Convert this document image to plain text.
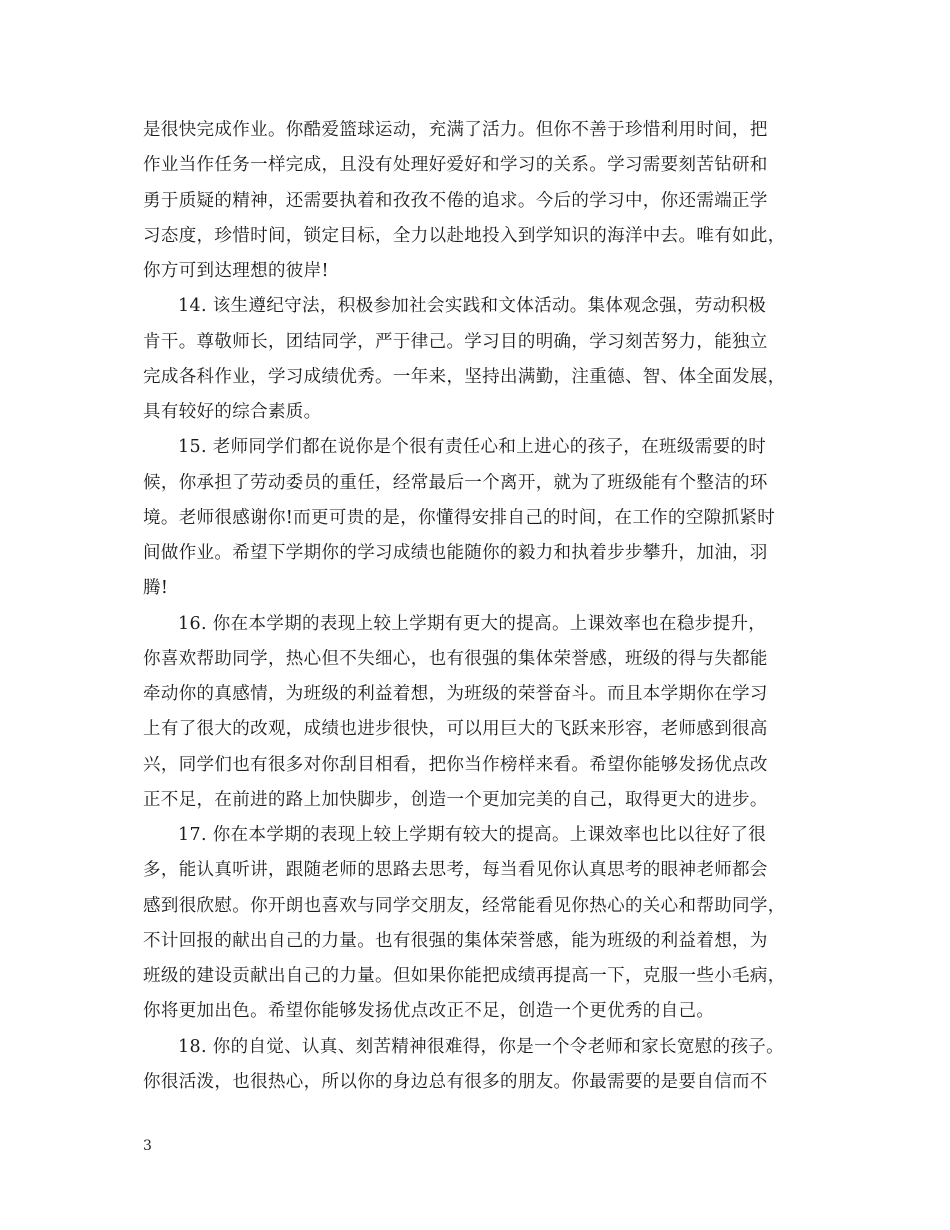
是很快完成作业。你酷爱篮球运动，充满了活力。但你不善于珍惜利用时间，把
作业当作任务一样完成，且没有处理好爱好和学习的关系。学习需要刻苦钻研和
勇于质疑的精神，还需要执着和孜孜不倦的追求。今后的学习中，你还需端正学
习态度，珍惜时间，锁定目标，全力以赴地投入到学知识的海洋中去。唯有如此，
你方可到达理想的彼岸!
14. 该生遵纪守法，积极参加社会实践和文体活动。集体观念强，劳动积极
肯干。尊敬师长，团结同学，严于律己。学习目的明确，学习刻苦努力，能独立
完成各科作业，学习成绩优秀。一年来，坚持出满勤，注重德、智、体全面发展，
具有较好的综合素质。
15. 老师同学们都在说你是个很有责任心和上进心的孩子，在班级需要的时
候，你承担了劳动委员的重任，经常最后一个离开，就为了班级能有个整洁的环
境。老师很感谢你!而更可贵的是，你懂得安排自己的时间，在工作的空隙抓紧时
间做作业。希望下学期你的学习成绩也能随你的毅力和执着步步攀升，加油，羽
腾!
16. 你在本学期的表现上较上学期有更大的提高。上课效率也在稳步提升，
你喜欢帮助同学，热心但不失细心，也有很强的集体荣誉感，班级的得与失都能
牵动你的真感情，为班级的利益着想，为班级的荣誉奋斗。而且本学期你在学习
上有了很大的改观，成绩也进步很快，可以用巨大的飞跃来形容，老师感到很高
兴，同学们也有很多对你刮目相看，把你当作榜样来看。希望你能够发扬优点改
正不足，在前进的路上加快脚步，创造一个更加完美的自己，取得更大的进步。
17. 你在本学期的表现上较上学期有较大的提高。上课效率也比以往好了很
多，能认真听讲，跟随老师的思路去思考，每当看见你认真思考的眼神老师都会
感到很欣慰。你开朗也喜欢与同学交朋友，经常能看见你热心的关心和帮助同学，
不计回报的献出自己的力量。也有很强的集体荣誉感，能为班级的利益着想，为
班级的建设贡献出自己的力量。但如果你能把成绩再提高一下，克服一些小毛病，
你将更加出色。希望你能够发扬优点改正不足，创造一个更优秀的自己。
18. 你的自觉、认真、刻苦精神很难得，你是一个令老师和家长宽慰的孩子。
你很活泼，也很热心，所以你的身边总有很多的朋友。你最需要的是要自信而不
3
